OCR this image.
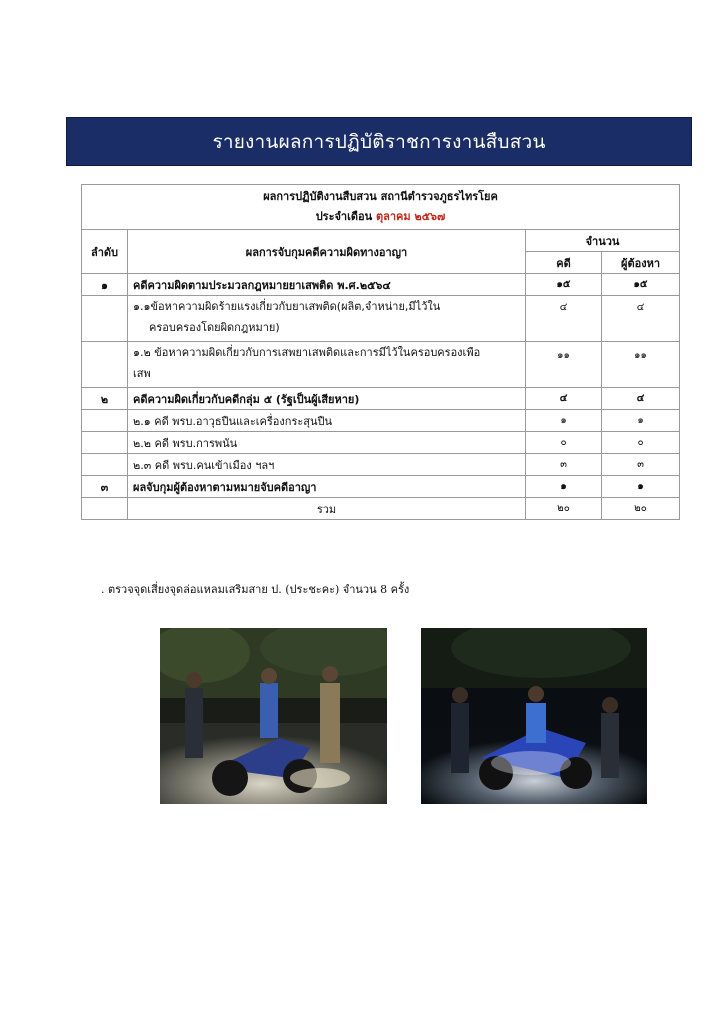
รายงานผลการปฏิบัติราชการงานสืบสวน
ผลการปฏิบัติงานสืบสวน สถานีตำรวจภูธรไทรโยค
ประจำเดือน ตุลาคม ๒๕๖๗			

ลำดับ	ผลการจับกุมคดีความผิดทางอาญา	จำนวน	
		คดี	ผู้ต้องหา
๑	คดีความผิดตามประมวลกฎหมายยาเสพติด พ.ศ.๒๕๖๔	๑๕	๑๕
	๑.๑ข้อหาความผิดร้ายแรงเกี่ยวกับยาเสพติด(ผลิต,จำหน่าย,มีไว้ใน
ครอบครองโดยผิดกฎหมาย)	๔	๔
	๑.๒ ข้อหาความผิดเกี่ยวกับการเสพยาเสพติดและการมีไว้ในครอบครองเพือ
เสพ	๑๑	๑๑
๒	คดีความผิดเกี่ยวกับคดีกลุ่ม ๕ (รัฐเป็นผู้เสียหาย)	๔	๔
	๒.๑ คดี พรบ.อาวุธปืนและเครื่องกระสุนปืน	๑	๑
	๒.๒ คดี พรบ.การพนัน	๐	๐
	๒.๓ คดี พรบ.คนเข้าเมือง ฯลฯ	๓	๓
๓	ผลจับกุมผู้ต้องหาตามหมายจับคดีอาญา	๑	๑
	รวม	๒๐	๒๐
. ตรวจจุดเสี่ยงจุดล่อแหลมเสริมสาย ป. (ประชะคะ) จำนวน 8 ครั้ง
